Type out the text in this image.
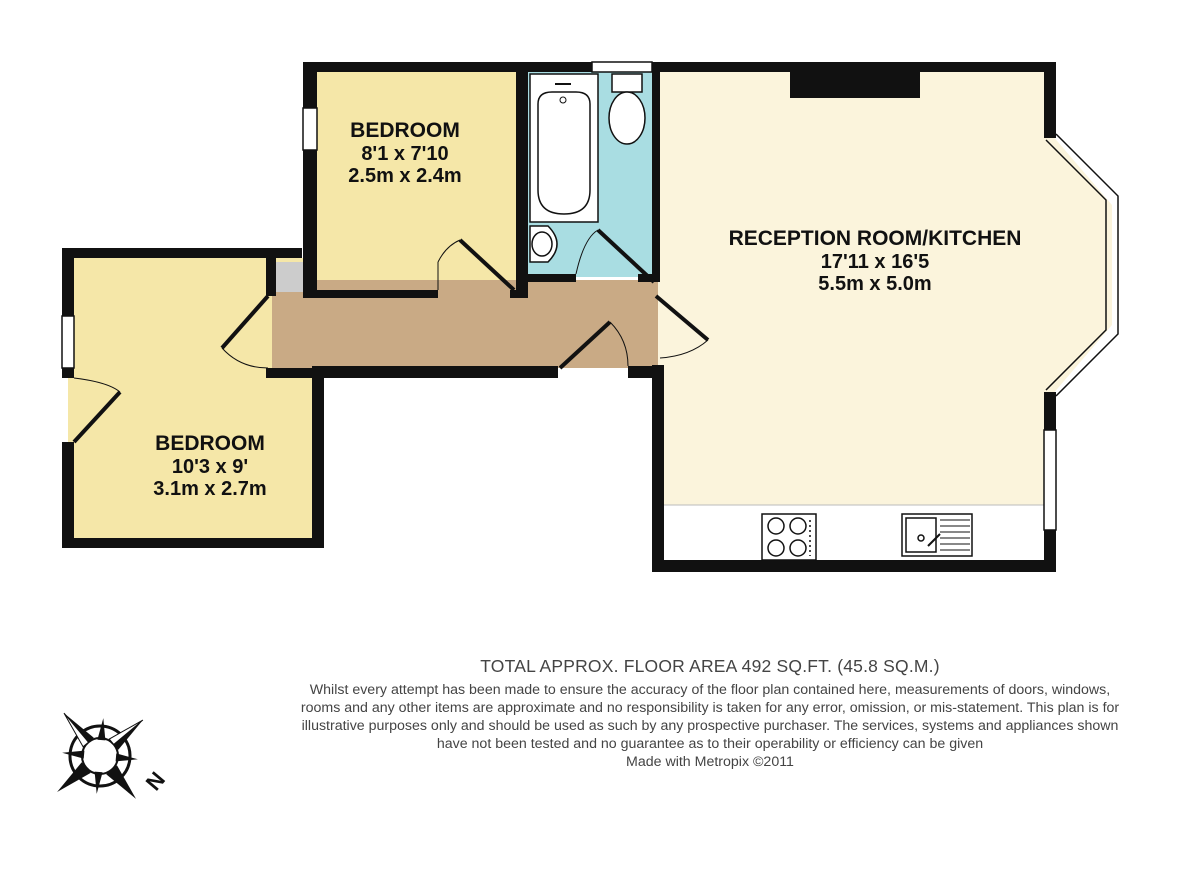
BEDROOM
8'1 x 7'10
2.5m x 2.4m
BEDROOM
10'3 x 9'
3.1m x 2.7m
RECEPTION ROOM/KITCHEN
17'11 x 16'5
5.5m x 5.0m
TOTAL APPROX. FLOOR AREA 492 SQ.FT. (45.8 SQ.M.)
Whilst every attempt has been made to ensure the accuracy of the floor plan contained here, measurements of doors, windows, rooms and any other items are approximate and no responsibility is taken for any error, omission, or mis-statement. This plan is for illustrative purposes only and should be used as such by any prospective purchaser. The services, systems and appliances shown have not been tested and no guarantee as to their operability or efficiency can be given
Made with Metropix ©2011
N
